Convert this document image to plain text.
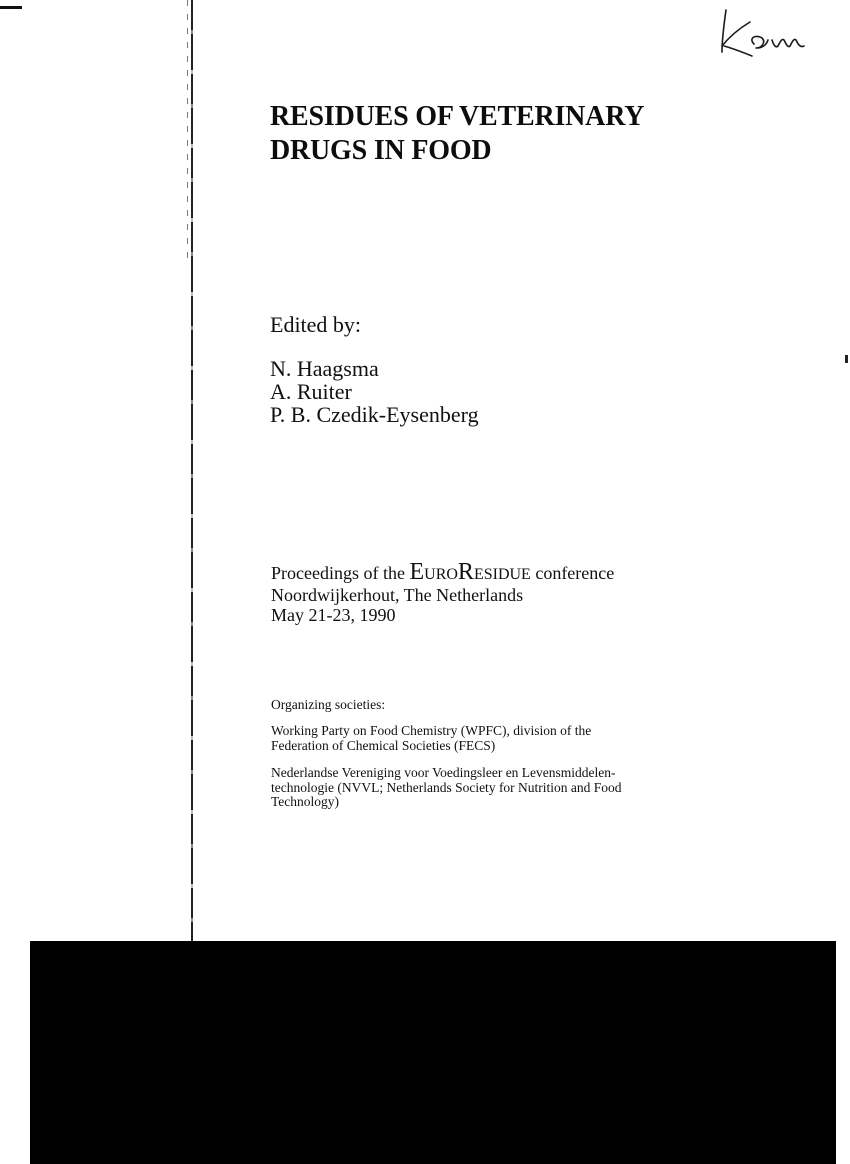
RESIDUES OF VETERINARY
DRUGS IN FOOD
Edited by:
N. Haagsma
A. Ruiter
P. B. Czedik-Eysenberg
Proceedings of the EURORESIDUE conference
Noordwijkerhout, The Netherlands
May 21-23, 1990
Organizing societies:
Working Party on Food Chemistry (WPFC), division of the
Federation of Chemical Societies (FECS)
Nederlandse Vereniging voor Voedingsleer en Levensmiddelen-
technologie (NVVL; Netherlands Society for Nutrition and Food
Technology)
